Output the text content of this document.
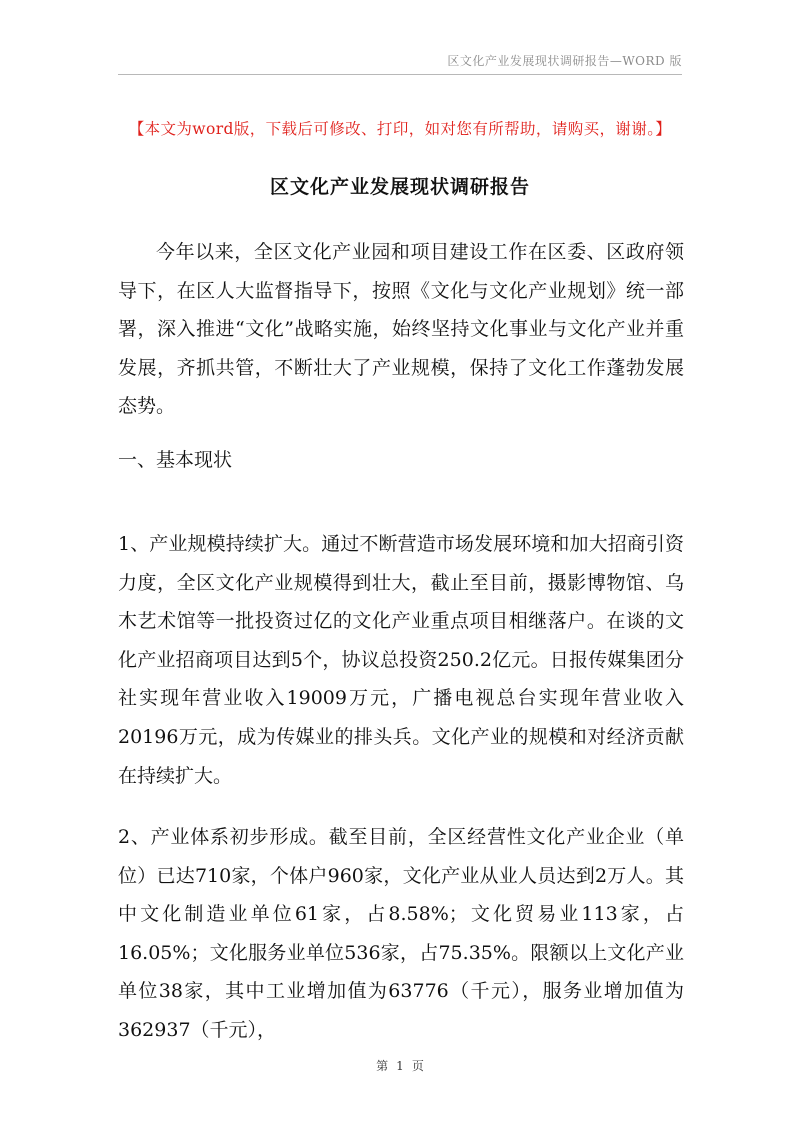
区文化产业发展现状调研报告—WORD 版
【本文为word版，下载后可修改、打印，如对您有所帮助，请购买，谢谢。】
区文化产业发展现状调研报告

今年以来，全区文化产业园和项目建设工作在区委、区政府领导下，在区人大监督指导下，按照《文化与文化产业规划》统一部署，深入推进“文化”战略实施，始终坚持文化事业与文化产业并重发展，齐抓共管，不断壮大了产业规模，保持了文化工作蓬勃发展态势。

一、基本现状

1、产业规模持续扩大。通过不断营造市场发展环境和加大招商引资力度，全区文化产业规模得到壮大，截止至目前，摄影博物馆、乌木艺术馆等一批投资过亿的文化产业重点项目相继落户。在谈的文化产业招商项目达到5个，协议总投资250.2亿元。日报传媒集团分社实现年营业收入19009万元，广播电视总台实现年营业收入20196万元，成为传媒业的排头兵。文化产业的规模和对经济贡献在持续扩大。

2、产业体系初步形成。截至目前，全区经营性文化产业企业（单位）已达710家，个体户960家，文化产业从业人员达到2万人。其中文化制造业单位61家，占8.58%；文化贸易业113家，占16.05%；文化服务业单位536家，占75.35%。限额以上文化产业单位38家，其中工业增加值为63776（千元），服务业增加值为362937（千元），

第 1 页
